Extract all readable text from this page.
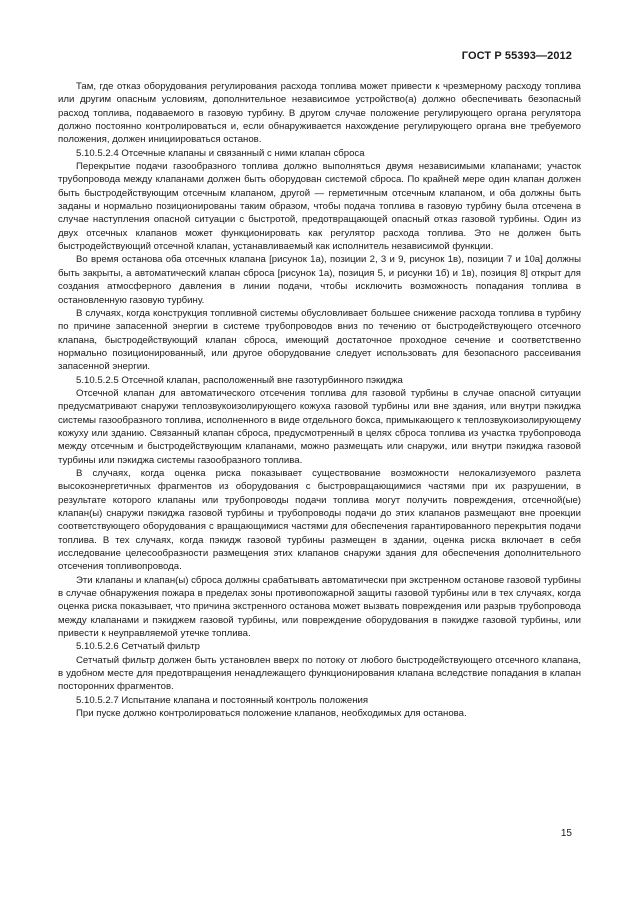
ГОСТ Р 55393—2012

Там, где отказ оборудования регулирования расхода топлива может привести к чрезмерному расходу топлива или другим опасным условиям, дополнительное независимое устройство(а) должно обеспечивать безопасный расход топлива, подаваемого в газовую турбину. В другом случае положение регулирующего органа регулятора должно постоянно контролироваться и, если обнаруживается нахождение регулирующего органа вне требуемого положения, должен инициироваться останов.

5.10.5.2.4 Отсечные клапаны и связанный с ними клапан сброса

Перекрытие подачи газообразного топлива должно выполняться двумя независимыми клапанами; участок трубопровода между клапанами должен быть оборудован системой сброса. По крайней мере один клапан должен быть быстродействующим отсечным клапаном, другой — герметичным отсечным клапаном, и оба должны быть заданы и нормально позиционированы таким образом, чтобы подача топлива в газовую турбину была отсечена в случае наступления опасной ситуации с быстротой, предотвращающей опасный отказ газовой турбины. Один из двух отсечных клапанов может функционировать как регулятор расхода топлива. Это не должен быть быстродействующий отсечной клапан, устанавливаемый как исполнитель независимой функции.

Во время останова оба отсечных клапана [рисунок 1а), позиции 2, 3 и 9, рисунок 1в), позиции 7 и 10а] должны быть закрыты, а автоматический клапан сброса [рисунок 1а), позиция 5, и рисунки 1б) и 1в), позиция 8] открыт для создания атмосферного давления в линии подачи, чтобы исключить возможность попадания топлива в остановленную газовую турбину.

В случаях, когда конструкция топливной системы обусловливает большее снижение расхода топлива в турбину по причине запасенной энергии в системе трубопроводов вниз по течению от быстродействующего отсечного клапана, быстродействующий клапан сброса, имеющий достаточное проходное сечение и соответственно нормально позиционированный, или другое оборудование следует использовать для безопасного рассеивания запасенной энергии.

5.10.5.2.5 Отсечной клапан, расположенный вне газотурбинного пэкиджа

Отсечной клапан для автоматического отсечения топлива для газовой турбины в случае опасной ситуации предусматривают снаружи теплозвукоизолирующего кожуха газовой турбины или вне здания, или внутри пэкиджа системы газообразного топлива, исполненного в виде отдельного бокса, примыкающего к теплозвукоизолирующему кожуху или зданию. Связанный клапан сброса, предусмотренный в целях сброса топлива из участка трубопровода между отсечным и быстродействующим клапанами, можно размещать или снаружи, или внутри пэкиджа газовой турбины или пэкиджа системы газообразного топлива.

В случаях, когда оценка риска показывает существование возможности нелокализуемого разлета высокоэнергетичных фрагментов из оборудования с быстровращающимися частями при их разрушении, в результате которого клапаны или трубопроводы подачи топлива могут получить повреждения, отсечной(ые) клапан(ы) снаружи пэкиджа газовой турбины и трубопроводы подачи до этих клапанов размещают вне проекции соответствующего оборудования с вращающимися частями для обеспечения гарантированного перекрытия подачи топлива. В тех случаях, когда пэкидж газовой турбины размещен в здании, оценка риска включает в себя исследование целесообразности размещения этих клапанов снаружи здания для обеспечения дополнительного отсечения топливопровода.

Эти клапаны и клапан(ы) сброса должны срабатывать автоматически при экстренном останове газовой турбины в случае обнаружения пожара в пределах зоны противопожарной защиты газовой турбины или в тех случаях, когда оценка риска показывает, что причина экстренного останова может вызвать повреждения или разрыв трубопровода между клапанами и пэкиджем газовой турбины, или повреждение оборудования в пэкидже газовой турбины, или привести к неуправляемой утечке топлива.

5.10.5.2.6 Сетчатый фильтр

Сетчатый фильтр должен быть установлен вверх по потоку от любого быстродействующего отсечного клапана, в удобном месте для предотвращения ненадлежащего функционирования клапана вследствие попадания в клапан посторонних фрагментов.

5.10.5.2.7 Испытание клапана и постоянный контроль положения

При пуске должно контролироваться положение клапанов, необходимых для останова.

15
